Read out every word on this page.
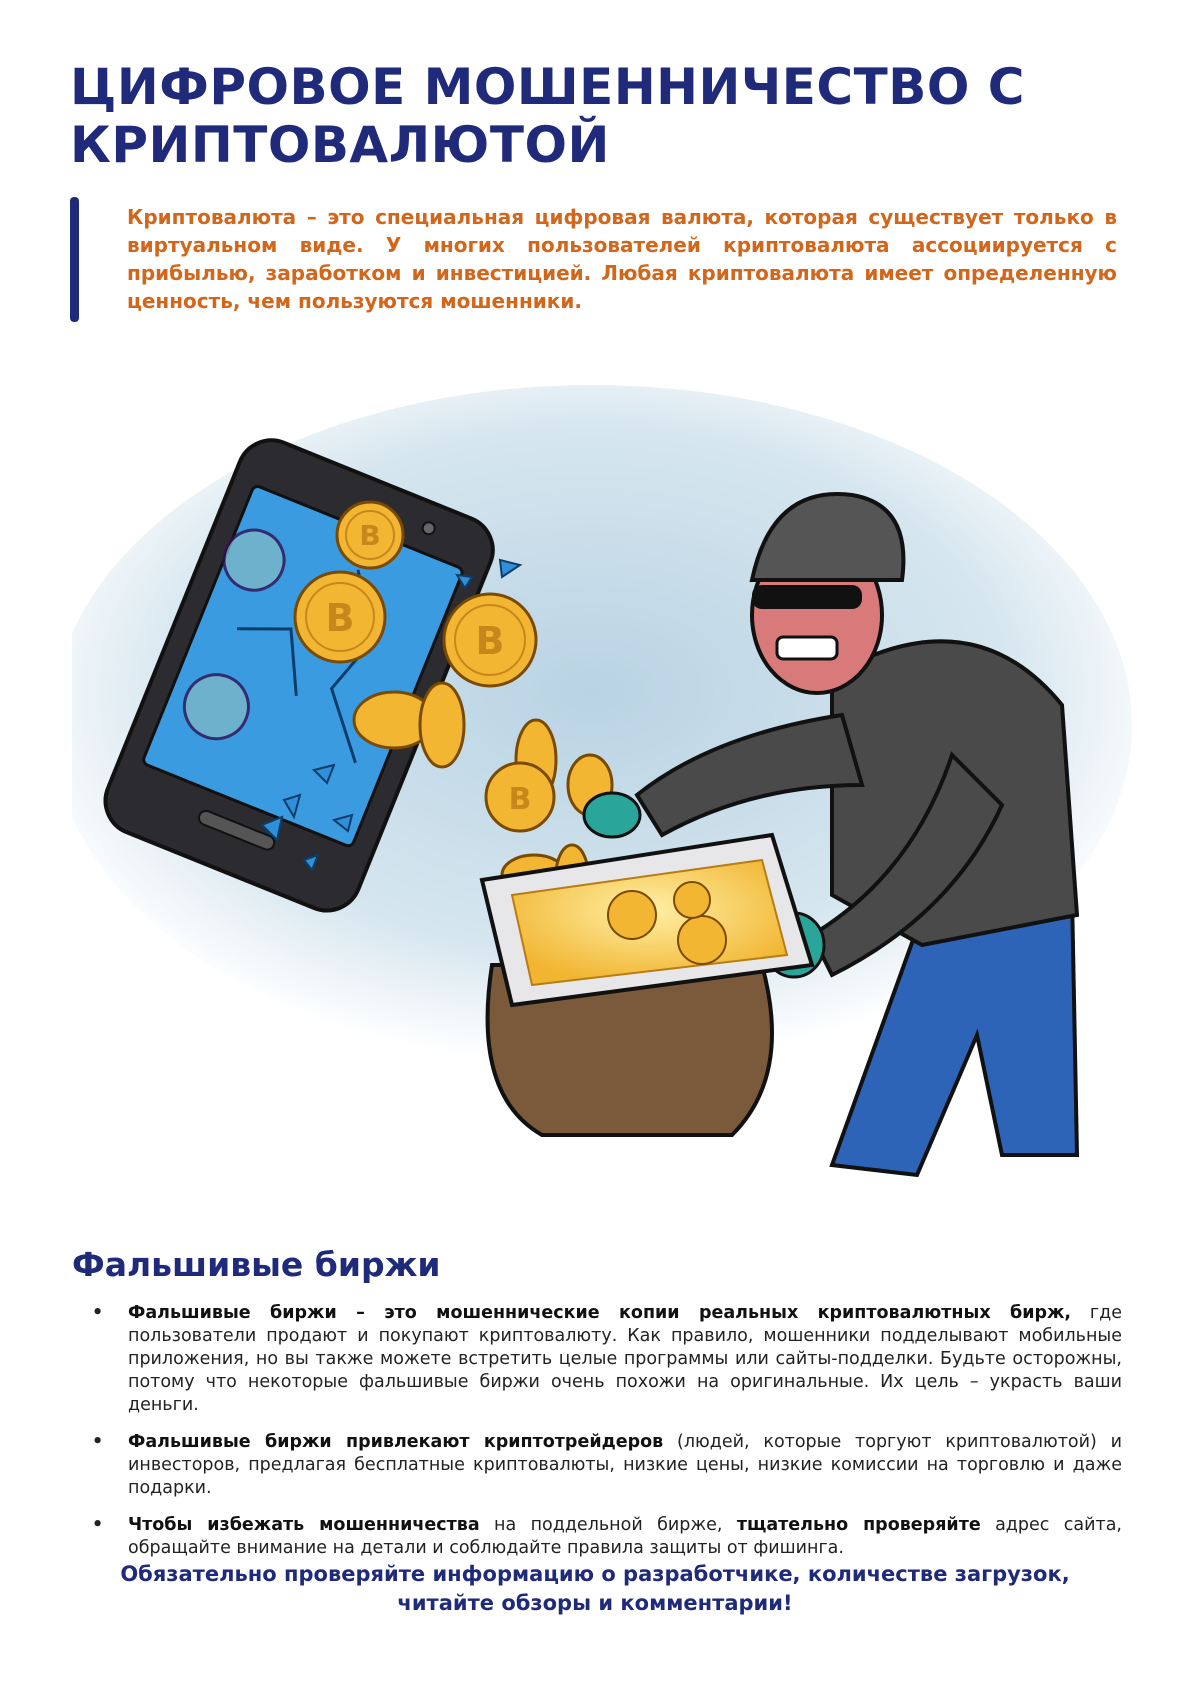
ЦИФРОВОЕ МОШЕННИЧЕСТВО С КРИПТОВАЛЮТОЙ

Криптовалюта – это специальная цифровая валюта, которая существует только в виртуальном виде. У многих пользователей криптовалюта ассоциируется с прибылью, заработком и инвестицией. Любая криптовалюта имеет определенную ценность, чем пользуются мошенники.

B
B
B
B
Фальшивые биржи
• Фальшивые биржи – это мошеннические копии реальных криптовалютных бирж, где пользователи продают и покупают криптовалюту. Как правило, мошенники подделывают мобильные приложения, но вы также можете встретить целые программы или сайты-подделки. Будьте осторожны, потому что некоторые фальшивые биржи очень похожи на оригинальные. Их цель – украсть ваши деньги.
• Фальшивые биржи привлекают криптотрейдеров (людей, которые торгуют криптовалютой) и инвесторов, предлагая бесплатные криптовалюты, низкие цены, низкие комиссии на торговлю и даже подарки.
• Чтобы избежать мошенничества на поддельной бирже, тщательно проверяйте адрес сайта, обращайте внимание на детали и соблюдайте правила защиты от фишинга.

Обязательно проверяйте информацию о разработчике, количестве загрузок, читайте обзоры и комментарии!
